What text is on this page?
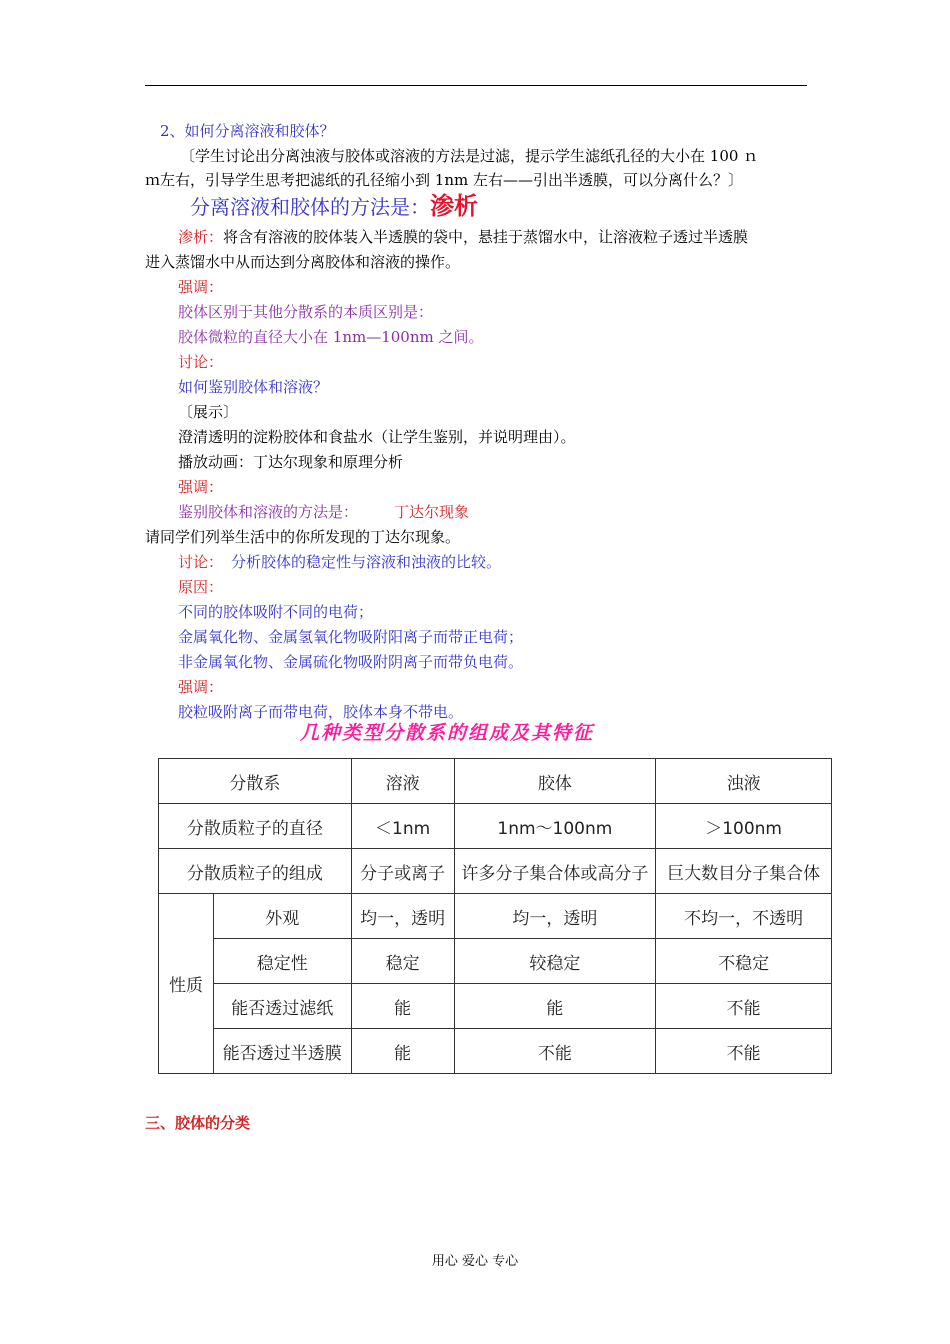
2、如何分离溶液和胶体？
〔学生讨论出分离浊液与胶体或溶液的方法是过滤，提示学生滤纸孔径的大小在 100 ｎ
ｍ左右，引导学生思考把滤纸的孔径缩小到 1nm 左右——引出半透膜，可以分离什么？〕
分离溶液和胶体的方法是：渗析
渗析：将含有溶液的胶体装入半透膜的袋中，悬挂于蒸馏水中，让溶液粒子透过半透膜
进入蒸馏水中从而达到分离胶体和溶液的操作。
强调：
胶体区别于其他分散系的本质区别是：
胶体微粒的直径大小在 1nm—100nm 之间。
讨论：
如何鉴别胶体和溶液？
〔展示〕
澄清透明的淀粉胶体和食盐水（让学生鉴别，并说明理由）。
播放动画：丁达尔现象和原理分析
强调：
鉴别胶体和溶液的方法是： 丁达尔现象
请同学们列举生活中的你所发现的丁达尔现象。
讨论： 分析胶体的稳定性与溶液和浊液的比较。
原因：
不同的胶体吸附不同的电荷；
金属氧化物、金属氢氧化物吸附阳离子而带正电荷；
非金属氧化物、金属硫化物吸附阴离子而带负电荷。
强调：
胶粒吸附离子而带电荷，胶体本身不带电。
几种类型分散系的组成及其特征
分散系		溶液	胶体	浊液
分散质粒子的直径		＜1nm	1nm～100nm	＞100nm
分散质粒子的组成		分子或离子	许多分子集合体或高分子	巨大数目分子集合体
性质	外观	均一，透明	均一，透明	不均一，不透明
	稳定性	稳定	较稳定	不稳定
	能否透过滤纸	能	能	不能
	能否透过半透膜	能	不能	不能
三、胶体的分类
用心 爱心 专心
